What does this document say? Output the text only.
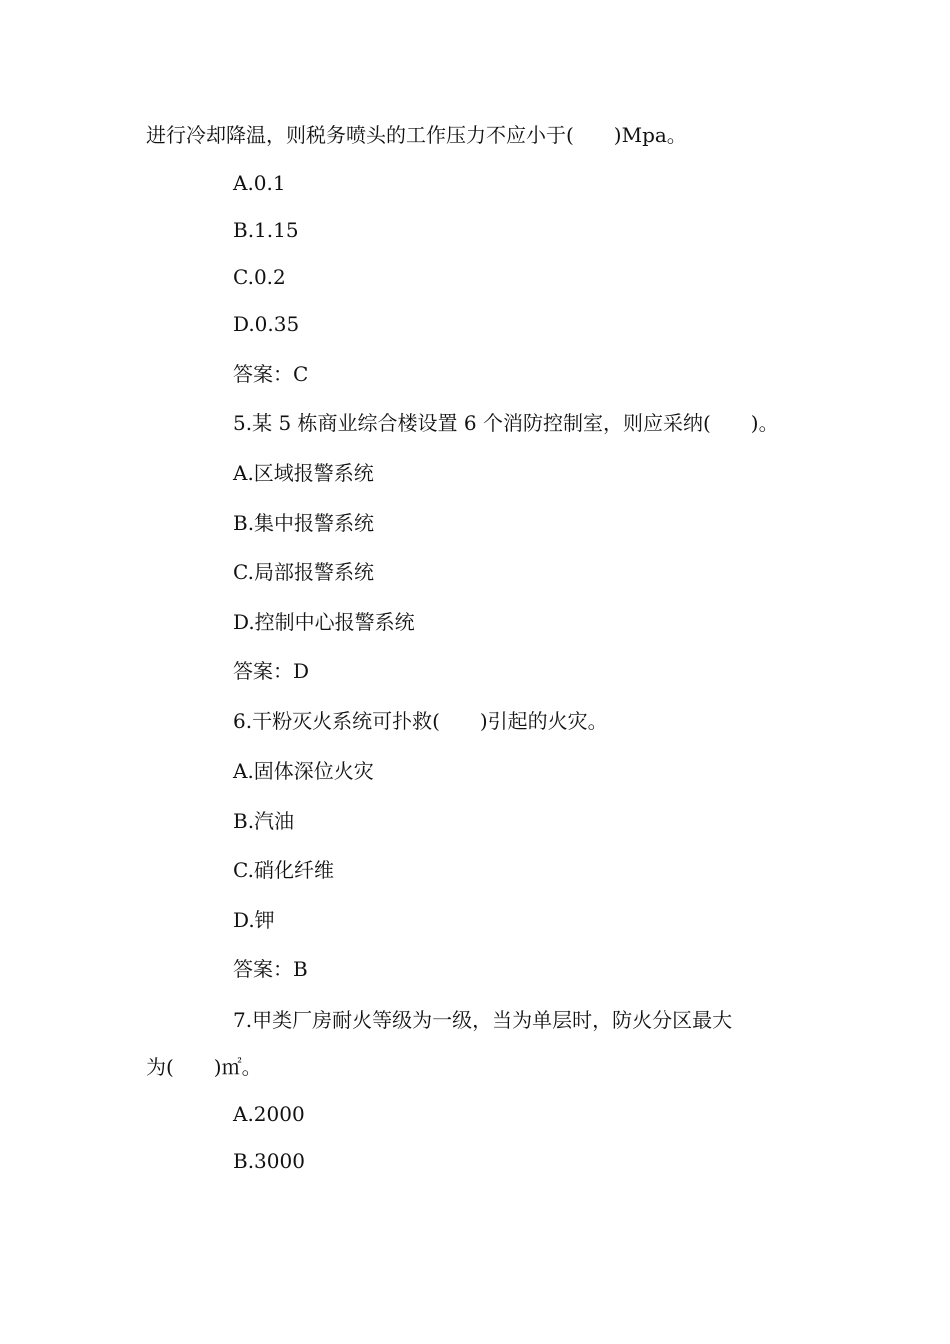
进行冷却降温，则税务喷头的工作压力不应小于(　　)Mpa。
A.0.1
B.1.15
C.0.2
D.0.35
答案：C
5.某 5 栋商业综合楼设置 6 个消防控制室，则应采纳(　　)。
A.区域报警系统
B.集中报警系统
C.局部报警系统
D.控制中心报警系统
答案：D
6.干粉灭火系统可扑救(　　)引起的火灾。
A.固体深位火灾
B.汽油
C.硝化纤维
D.钾
答案：B
7.甲类厂房耐火等级为一级，当为单层时，防火分区最大
为(　　)㎡。
A.2000
B.3000
